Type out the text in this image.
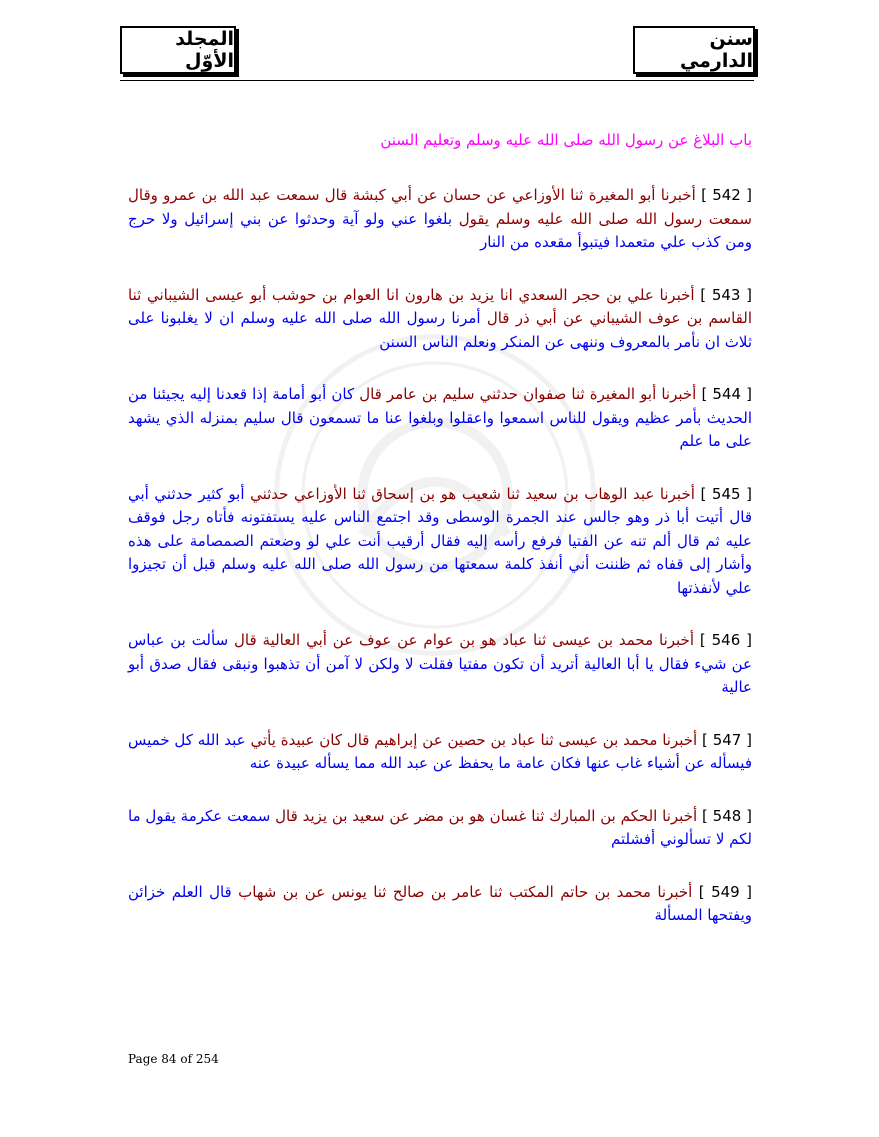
سنن الدارمي
المجلد الأوّل
باب البلاغ عن رسول الله صلى الله عليه وسلم وتعليم السنن
[ 542 ] أخبرنا أبو المغيرة ثنا الأوزاعي عن حسان عن أبي كبشة قال سمعت عبد الله بن عمرو وقال سمعت رسول الله صلى الله عليه وسلم يقول بلغوا عني ولو آية وحدثوا عن بني إسرائيل ولا حرج ومن كذب علي متعمدا فيتبوأ مقعده من النار
[ 543 ] أخبرنا علي بن حجر السعدي انا يزيد بن هارون انا العوام بن حوشب أبو عيسى الشيباني ثنا القاسم بن عوف الشيباني عن أبي ذر قال أمرنا رسول الله صلى الله عليه وسلم ان لا يغلبونا على ثلاث ان نأمر بالمعروف وننهى عن المنكر ونعلم الناس السنن
[ 544 ] أخبرنا أبو المغيرة ثنا صفوان حدثني سليم بن عامر قال كان أبو أمامة إذا قعدنا إليه يجيئنا من الحديث بأمر عظيم ويقول للناس اسمعوا واعقلوا وبلغوا عنا ما تسمعون قال سليم بمنزله الذي يشهد على ما علم
[ 545 ] أخبرنا عبد الوهاب بن سعيد ثنا شعيب هو بن إسحاق ثنا الأوزاعي حدثني أبو كثير حدثني أبي قال أتيت أبا ذر وهو جالس عند الجمرة الوسطى وقد اجتمع الناس عليه يستفتونه فأتاه رجل فوقف عليه ثم قال ألم تنه عن الفتيا فرفع رأسه إليه فقال أرقيب أنت علي لو وضعتم الصمصامة على هذه وأشار إلى قفاه ثم ظننت أني أنفذ كلمة سمعتها من رسول الله صلى الله عليه وسلم قبل أن تجيزوا علي لأنفذتها
[ 546 ] أخبرنا محمد بن عيسى ثنا عباد هو بن عوام عن عوف عن أبي العالية قال سألت بن عباس عن شيء فقال يا أبا العالية أتريد أن تكون مفتيا فقلت لا ولكن لا آمن أن تذهبوا ونبقى فقال صدق أبو عالية
[ 547 ] أخبرنا محمد بن عيسى ثنا عباد بن حصين عن إبراهيم قال كان عبيدة يأتي عبد الله كل خميس فيسأله عن أشياء غاب عنها فكان عامة ما يحفظ عن عبد الله مما يسأله عبيدة عنه
[ 548 ] أخبرنا الحكم بن المبارك ثنا غسان هو بن مضر عن سعيد بن يزيد قال سمعت عكرمة يقول ما لكم لا تسألوني أفشلتم
[ 549 ] أخبرنا محمد بن حاتم المكتب ثنا عامر بن صالح ثنا يونس عن بن شهاب قال العلم خزائن ويفتحها المسألة
Page 84 of 254
